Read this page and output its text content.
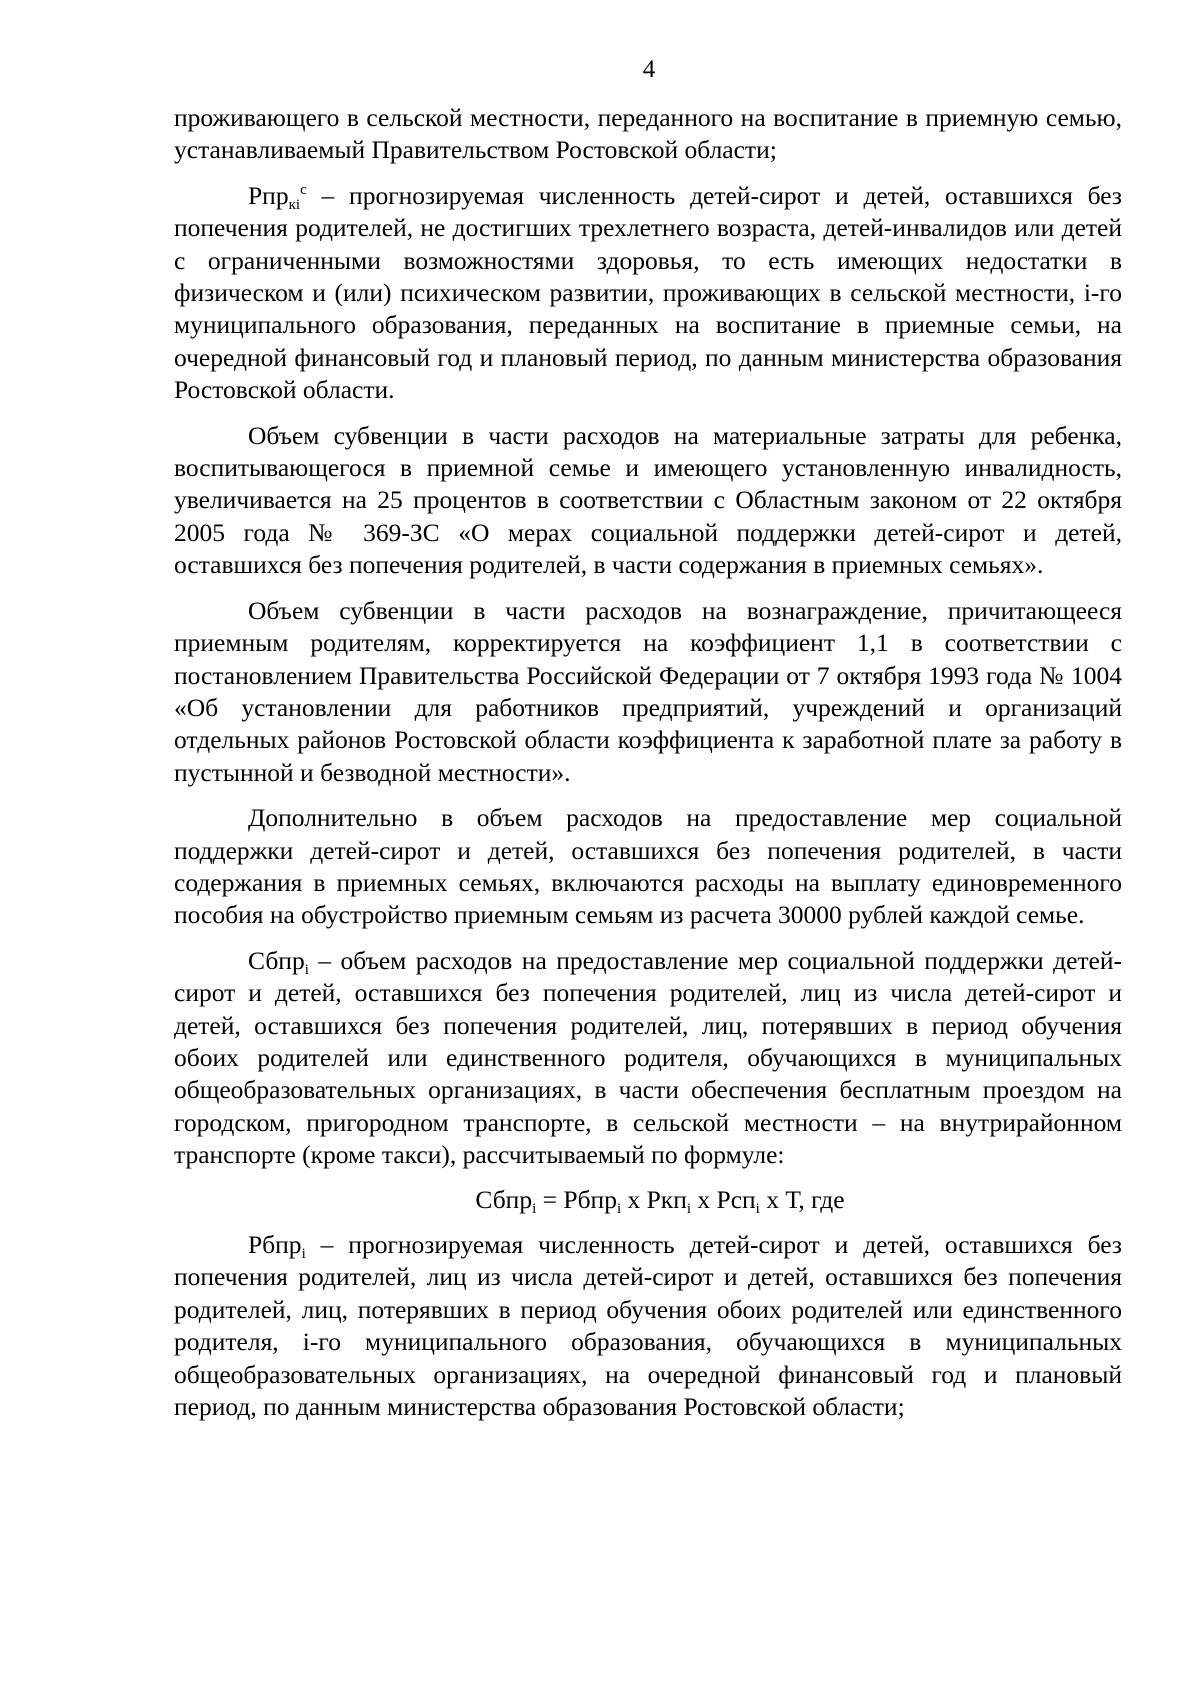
4

проживающего в сельской местности, переданного на воспитание в приемную семью, устанавливаемый Правительством Ростовской области;

Рпр$_{кi}^с$ – прогнозируемая численность детей-сирот и детей, оставшихся без попечения родителей, не достигших трехлетнего возраста, детей-инвалидов или детей с ограниченными возможностями здоровья, то есть имеющих недостатки в физическом и (или) психическом развитии, проживающих в сельской местности, i-го муниципального образования, переданных на воспитание в приемные семьи, на очередной финансовый год и плановый период, по данным министерства образования Ростовской области.

Объем субвенции в части расходов на материальные затраты для ребенка, воспитывающегося в приемной семье и имеющего установленную инвалидность, увеличивается на 25 процентов в соответствии с Областным законом от 22 октября 2005 года № 369-ЗС «О мерах социальной поддержки детей-сирот и детей, оставшихся без попечения родителей, в части содержания в приемных семьях».

Объем субвенции в части расходов на вознаграждение, причитающееся приемным родителям, корректируется на коэффициент 1,1 в соответствии с постановлением Правительства Российской Федерации от 7 октября 1993 года № 1004 «Об установлении для работников предприятий, учреждений и организаций отдельных районов Ростовской области коэффициента к заработной плате за работу в пустынной и безводной местности».

Дополнительно в объем расходов на предоставление мер социальной поддержки детей-сирот и детей, оставшихся без попечения родителей, в части содержания в приемных семьях, включаются расходы на выплату единовременного пособия на обустройство приемным семьям из расчета 30000 рублей каждой семье.

Сбпр$_i$ – объем расходов на предоставление мер социальной поддержки детей-сирот и детей, оставшихся без попечения родителей, лиц из числа детей-сирот и детей, оставшихся без попечения родителей, лиц, потерявших в период обучения обоих родителей или единственного родителя, обучающихся в муниципальных общеобразовательных организациях, в части обеспечения бесплатным проездом на городском, пригородном транспорте, в сельской местности – на внутрирайонном транспорте (кроме такси), рассчитываемый по формуле:

Сбпр$_i$ = Рбпр$_i$ х Ркп$_i$ х Рсп$_i$ х Т, где

Рбпр$_i$ – прогнозируемая численность детей-сирот и детей, оставшихся без попечения родителей, лиц из числа детей-сирот и детей, оставшихся без попечения родителей, лиц, потерявших в период обучения обоих родителей или единственного родителя, i-го муниципального образования, обучающихся в муниципальных общеобразовательных организациях, на очередной финансовый год и плановый период, по данным министерства образования Ростовской области;
